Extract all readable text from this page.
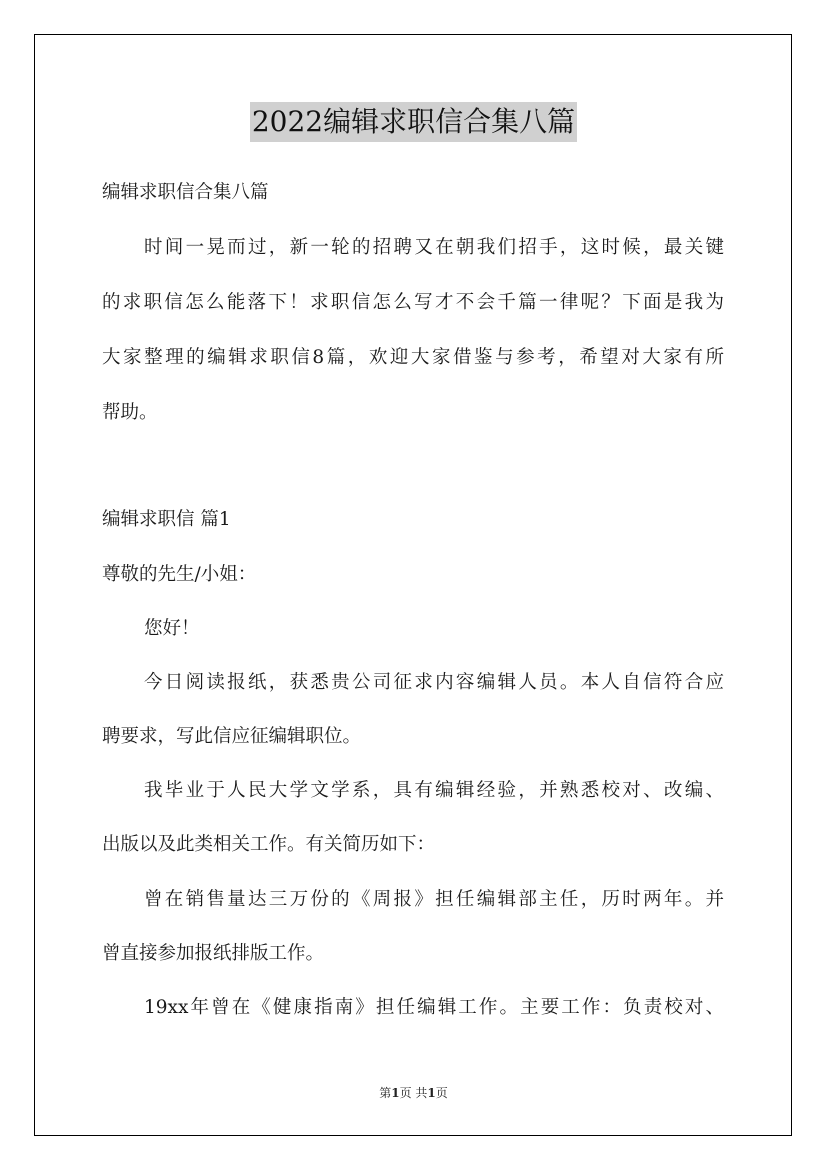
2022编辑求职信合集八篇
编辑求职信合集八篇
时间一晃而过，新一轮的招聘又在朝我们招手，这时候，最关键
的求职信怎么能落下！求职信怎么写才不会千篇一律呢？下面是我为
大家整理的编辑求职信8篇，欢迎大家借鉴与参考，希望对大家有所
帮助。
编辑求职信 篇1
尊敬的先生/小姐：
您好！
今日阅读报纸，获悉贵公司征求内容编辑人员。本人自信符合应
聘要求，写此信应征编辑职位。
我毕业于人民大学文学系，具有编辑经验，并熟悉校对、改编、
出版以及此类相关工作。有关简历如下：
曾在销售量达三万份的《周报》担任编辑部主任，历时两年。并
曾直接参加报纸排版工作。
19xx年曾在《健康指南》担任编辑工作。主要工作：负责校对、
第1页 共1页
